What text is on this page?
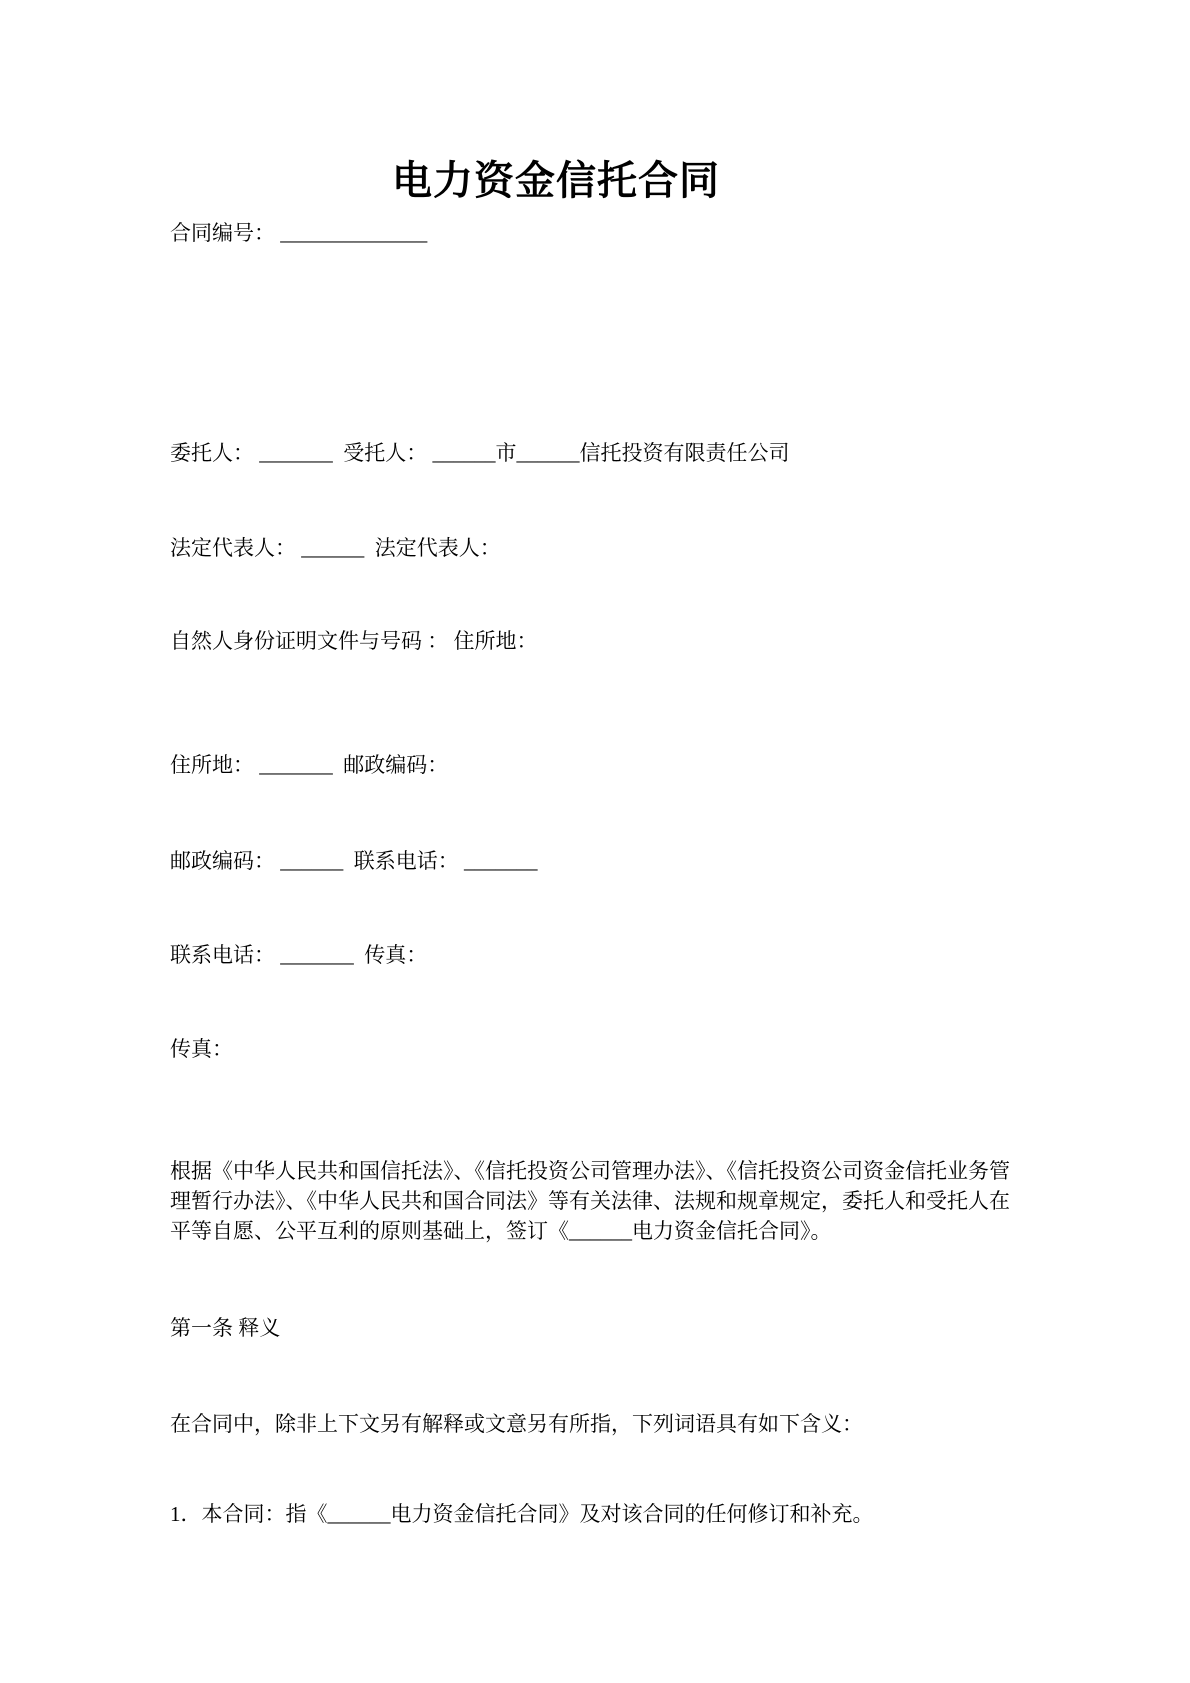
电力资金信托合同
合同编号： ______________
委托人： _______  受托人： ______市______信托投资有限责任公司
法定代表人： ______  法定代表人：
自然人身份证明文件与号码 ： 住所地：
住所地： _______  邮政编码：
邮政编码： ______  联系电话： _______
联系电话： _______  传真：
传真：
根据《中华人民共和国信托法》、《信托投资公司管理办法》、《信托投资公司资金信托业务管理暂行办法》、《中华人民共和国合同法》等有关法律、法规和规章规定，委托人和受托人在平等自愿、公平互利的原则基础上，签订《______电力资金信托合同》。
第一条 释义
在合同中，除非上下文另有解释或文意另有所指，下列词语具有如下含义：
1．本合同：指《______电力资金信托合同》及对该合同的任何修订和补充。
